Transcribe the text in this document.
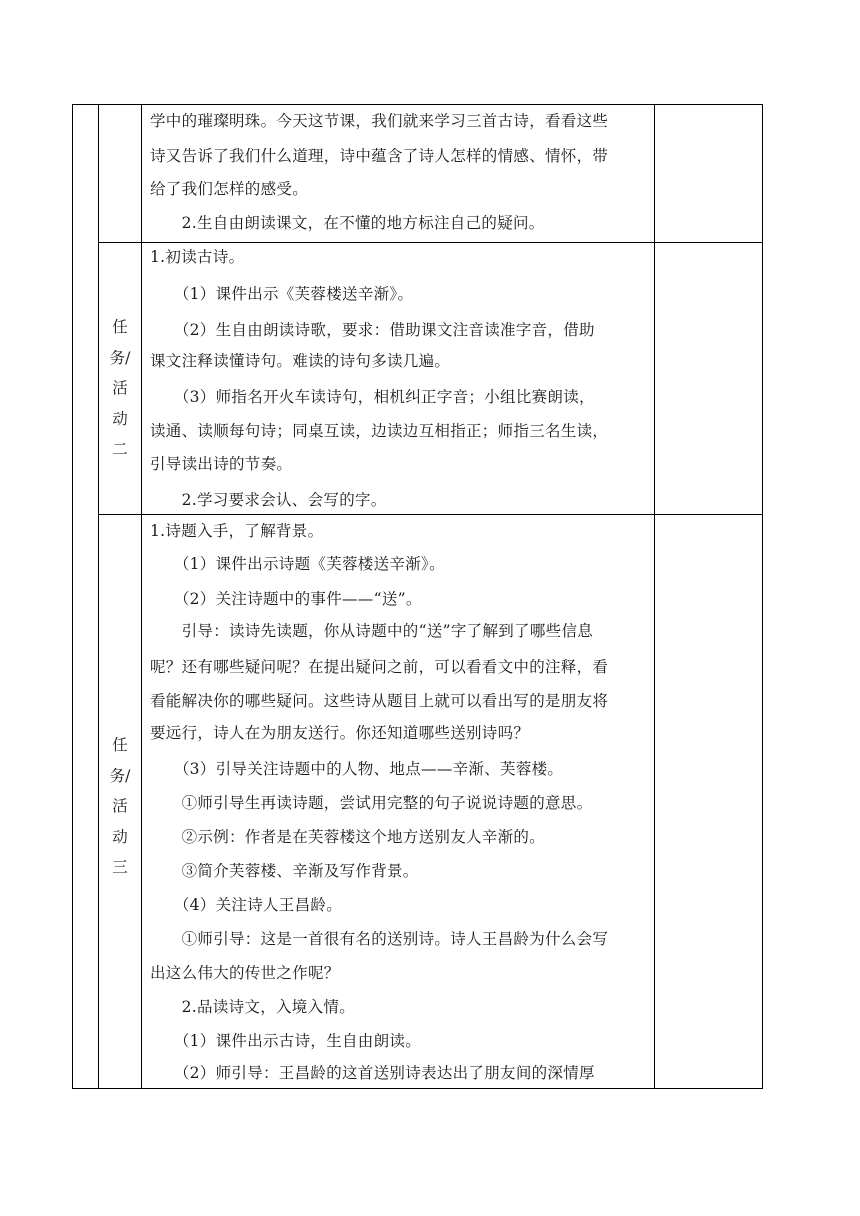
学中的璀璨明珠。今天这节课，我们就来学习三首古诗，看看这些

诗又告诉了我们什么道理，诗中蕴含了诗人怎样的情感、情怀，带

给了我们怎样的感受。

　　2.生自由朗读课文，在不懂的地方标注自己的疑问。

任
务/
活
动
二

1.初读古诗。

　　（1）课件出示《芙蓉楼送辛渐》。

　　（2）生自由朗读诗歌，要求：借助课文注音读准字音，借助

课文注释读懂诗句。难读的诗句多读几遍。

　　（3）师指名开火车读诗句，相机纠正字音；小组比赛朗读，

读通、读顺每句诗；同桌互读，边读边互相指正；师指三名生读，

引导读出诗的节奏。

　　2.学习要求会认、会写的字。

任
务/
活
动
三

1.诗题入手，了解背景。

　　（1）课件出示诗题《芙蓉楼送辛渐》。

　　（2）关注诗题中的事件——“送”。

　　引导：读诗先读题，你从诗题中的“送”字了解到了哪些信息

呢？还有哪些疑问呢？在提出疑问之前，可以看看文中的注释，看

看能解决你的哪些疑问。这些诗从题目上就可以看出写的是朋友将

要远行，诗人在为朋友送行。你还知道哪些送别诗吗？

　　（3）引导关注诗题中的人物、地点——辛渐、芙蓉楼。

　　①师引导生再读诗题，尝试用完整的句子说说诗题的意思。

　　②示例：作者是在芙蓉楼这个地方送别友人辛渐的。

　　③简介芙蓉楼、辛渐及写作背景。

　　（4）关注诗人王昌龄。

　　①师引导：这是一首很有名的送别诗。诗人王昌龄为什么会写

出这么伟大的传世之作呢？

　　2.品读诗文，入境入情。

　　（1）课件出示古诗，生自由朗读。

　　（2）师引导：王昌龄的这首送别诗表达出了朋友间的深情厚
